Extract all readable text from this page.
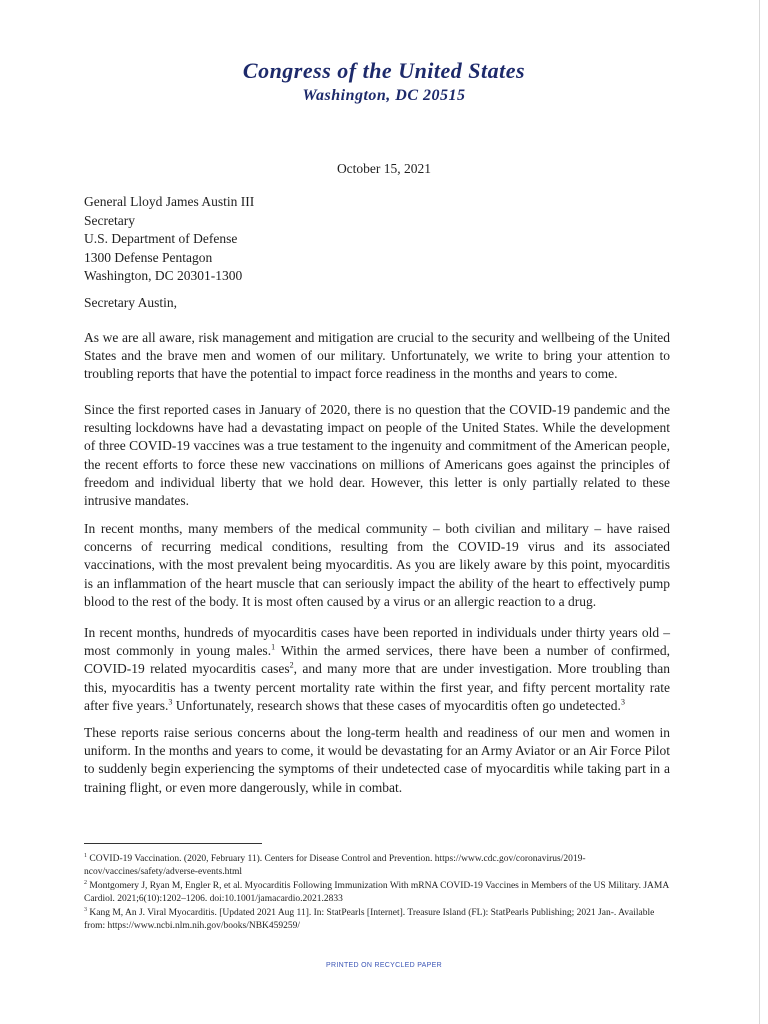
Congress of the United States
Washington, DC 20515
October 15, 2021
General Lloyd James Austin III
Secretary
U.S. Department of Defense
1300 Defense Pentagon
Washington, DC 20301-1300
Secretary Austin,

As we are all aware, risk management and mitigation are crucial to the security and wellbeing of the United States and the brave men and women of our military. Unfortunately, we write to bring your attention to troubling reports that have the potential to impact force readiness in the months and years to come.

Since the first reported cases in January of 2020, there is no question that the COVID-19 pandemic and the resulting lockdowns have had a devastating impact on people of the United States. While the development of three COVID-19 vaccines was a true testament to the ingenuity and commitment of the American people, the recent efforts to force these new vaccinations on millions of Americans goes against the principles of freedom and individual liberty that we hold dear. However, this letter is only partially related to these intrusive mandates.

In recent months, many members of the medical community – both civilian and military – have raised concerns of recurring medical conditions, resulting from the COVID-19 virus and its associated vaccinations, with the most prevalent being myocarditis. As you are likely aware by this point, myocarditis is an inflammation of the heart muscle that can seriously impact the ability of the heart to effectively pump blood to the rest of the body. It is most often caused by a virus or an allergic reaction to a drug.

In recent months, hundreds of myocarditis cases have been reported in individuals under thirty years old – most commonly in young males.$^1$ Within the armed services, there have been a number of confirmed, COVID-19 related myocarditis cases$^2$, and many more that are under investigation. More troubling than this, myocarditis has a twenty percent mortality rate within the first year, and fifty percent mortality rate after five years.$^3$ Unfortunately, research shows that these cases of myocarditis often go undetected.$^3$

These reports raise serious concerns about the long-term health and readiness of our men and women in uniform. In the months and years to come, it would be devastating for an Army Aviator or an Air Force Pilot to suddenly begin experiencing the symptoms of their undetected case of myocarditis while taking part in a training flight, or even more dangerously, while in combat.

$^1$ COVID-19 Vaccination. (2020, February 11). Centers for Disease Control and Prevention. https://www.cdc.gov/coronavirus/2019-ncov/vaccines/safety/adverse-events.html

$^2$ Montgomery J, Ryan M, Engler R, et al. Myocarditis Following Immunization With mRNA COVID-19 Vaccines in Members of the US Military. JAMA Cardiol. 2021;6(10):1202–1206. doi:10.1001/jamacardio.2021.2833

$^3$ Kang M, An J. Viral Myocarditis. [Updated 2021 Aug 11]. In: StatPearls [Internet]. Treasure Island (FL): StatPearls Publishing; 2021 Jan-. Available from: https://www.ncbi.nlm.nih.gov/books/NBK459259/

PRINTED ON RECYCLED PAPER
